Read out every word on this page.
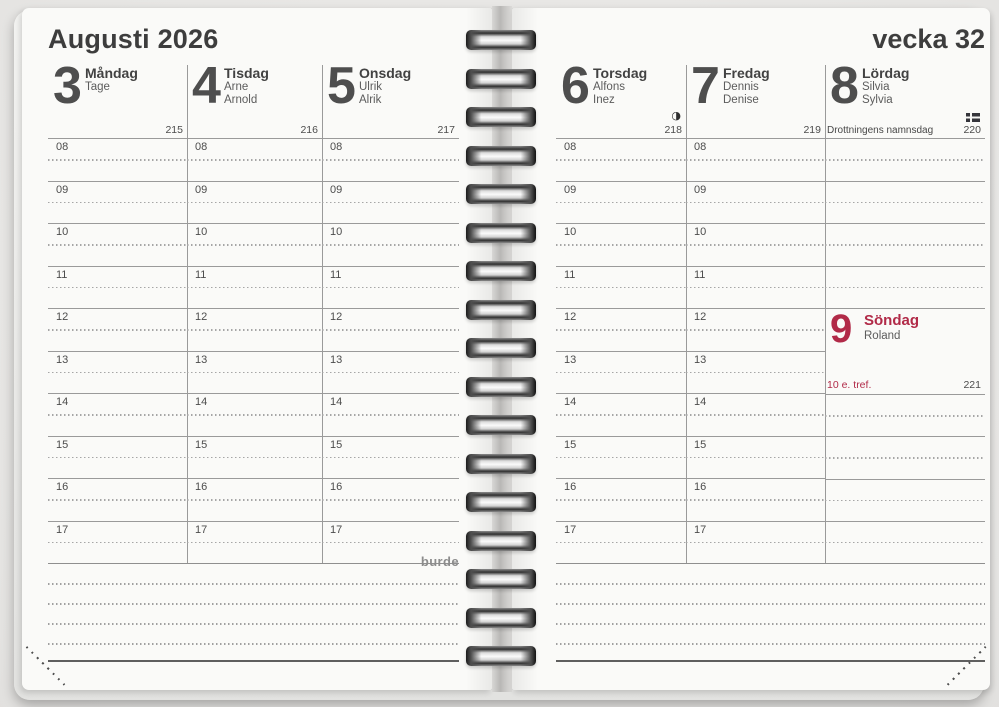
Augusti 2026
3 Måndag
Tage
215
08
09
10
11
12
13
14
15
16
17
4 Tisdag
Arne
Arnold
216
08
09
10
11
12
13
14
15
16
17
5 Onsdag
Ulrik
Alrik
217
08
09
10
11
12
13
14
15
16
17
burde
vecka 32
6 Torsdag
Alfons
Inez
◑
218
08
09
10
11
12
13
14
15
16
17
7 Fredag
Dennis
Denise
219
08
09
10
11
12
13
14
15
16
17
8 Lördag
Silvia
Sylvia
Drottningens namnsdag	220
9 Söndag
Roland
10 e. tref.	221
